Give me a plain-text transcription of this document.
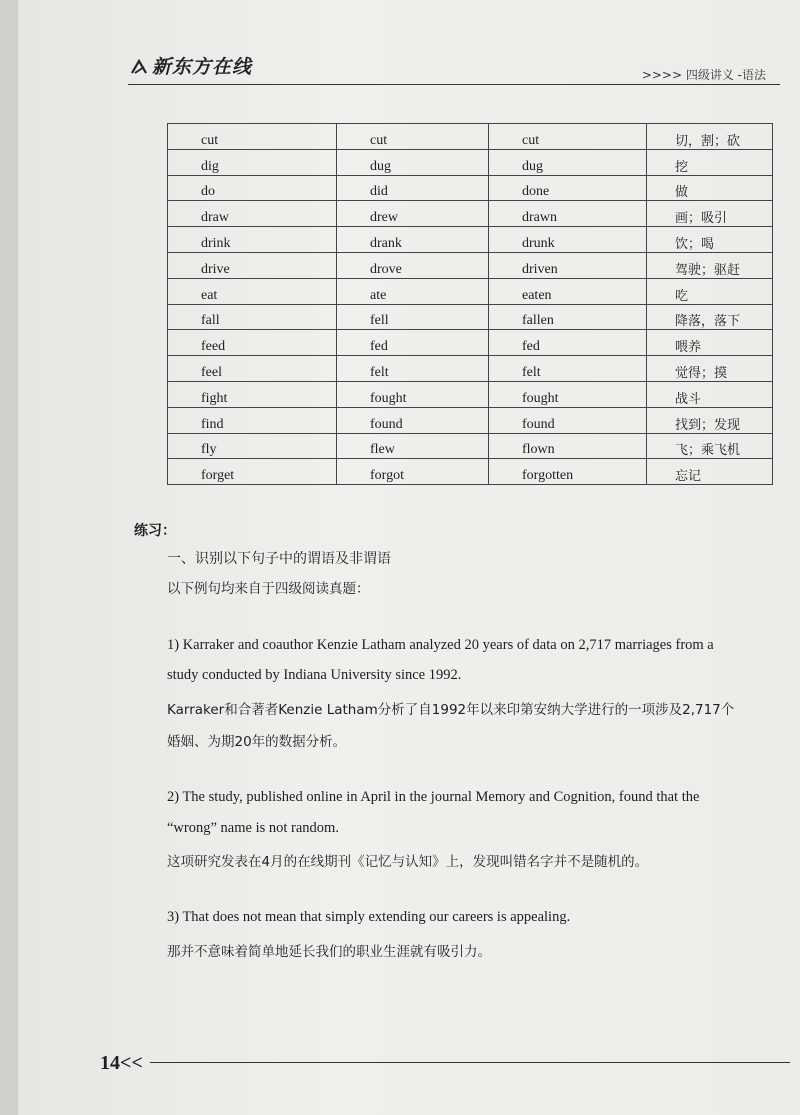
新东方在线	>>>> 四级讲义 -语法
cut	cut	cut	切，割；砍
dig	dug	dug	挖
do	did	done	做
draw	drew	drawn	画；吸引
drink	drank	drunk	饮；喝
drive	drove	driven	驾驶；驱赶
eat	ate	eaten	吃
fall	fell	fallen	降落，落下
feed	fed	fed	喂养
feel	felt	felt	觉得；摸
fight	fought	fought	战斗
find	found	found	找到；发现
fly	flew	flown	飞；乘飞机
forget	forgot	forgotten	忘记
练习：
一、识别以下句子中的谓语及非谓语
以下例句均来自于四级阅读真题：
1) Karraker and coauthor Kenzie Latham analyzed 20 years of data on 2,717 marriages from a
study conducted by Indiana University since 1992.
Karraker和合著者Kenzie Latham分析了自1992年以来印第安纳大学进行的一项涉及2,717个
婚姻、为期20年的数据分析。
2) The study, published online in April in the journal Memory and Cognition, found that the
“wrong” name is not random.
这项研究发表在4月的在线期刊《记忆与认知》上，发现叫错名字并不是随机的。
3) That does not mean that simply extending our careers is appealing.
那并不意味着简单地延长我们的职业生涯就有吸引力。
14<<
